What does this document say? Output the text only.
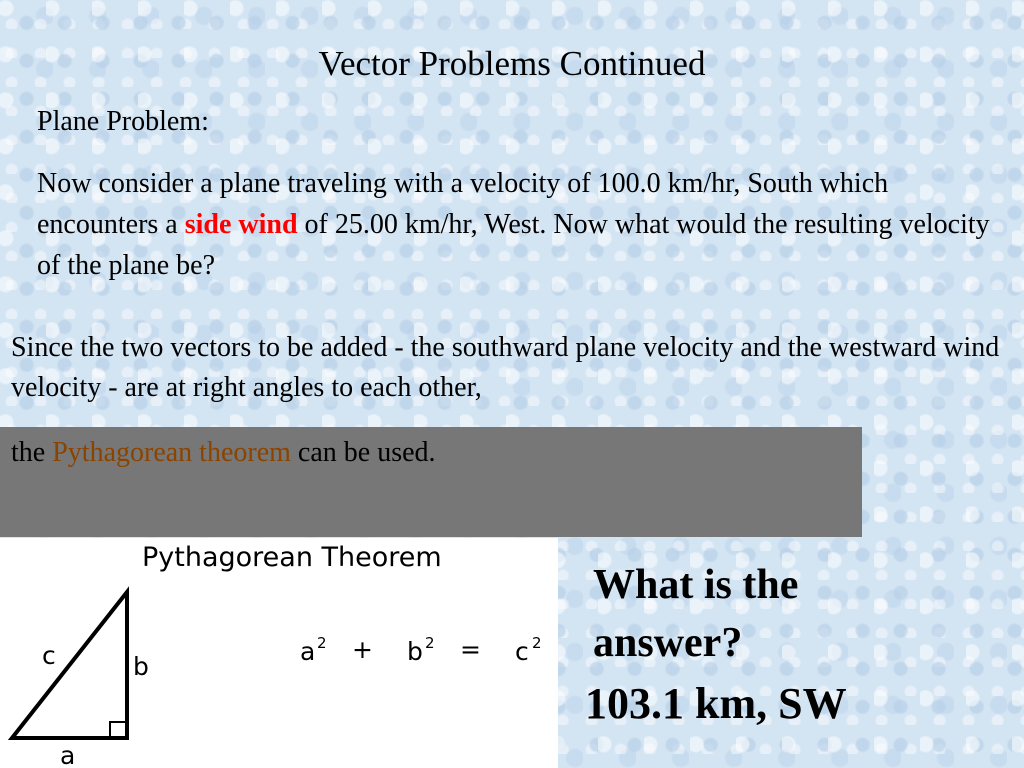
Vector Problems Continued
Plane Problem:
Now consider a plane traveling with a velocity of 100.0 km/hr, South which encounters a side wind of 25.00 km/hr, West. Now what would the resulting velocity of the plane be?
Since the two vectors to be added - the southward plane velocity and the westward wind velocity - are at right angles to each other,
the Pythagorean theorem can be used.
Pythagorean Theorem
c	b
a
a 2 + b 2 = c 2
What is the answer?
103.1 km, SW
